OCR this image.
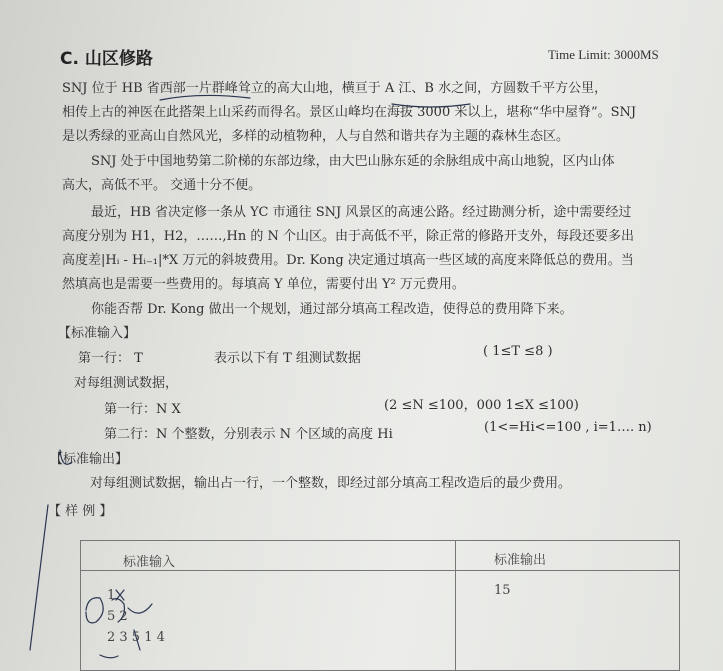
C. 山区修路	Time Limit: 3000MS
SNJ 位于 HB 省西部一片群峰耸立的高大山地，横亘于 A 江、B 水之间，方圆数千平方公里，
相传上古的神医在此搭架上山采药而得名。景区山峰均在海拔 3000 米以上，堪称“华中屋脊”。SNJ
是以秀绿的亚高山自然风光，多样的动植物种，人与自然和谐共存为主题的森林生态区。
SNJ 处于中国地势第二阶梯的东部边缘，由大巴山脉东延的余脉组成中高山地貌，区内山体
高大，高低不平。 交通十分不便。
最近，HB 省决定修一条从 YC 市通往 SNJ 风景区的高速公路。经过勘测分析，途中需要经过
高度分别为 H1，H2，……,Hn 的 N 个山区。由于高低不平，除正常的修路开支外，每段还要多出
高度差|Hᵢ - Hᵢ₋₁|*X 万元的斜坡费用。Dr. Kong 决定通过填高一些区域的高度来降低总的费用。当
然填高也是需要一些费用的。每填高 Y 单位，需要付出 Y² 万元费用。
你能否帮 Dr. Kong 做出一个规划，通过部分填高工程改造，使得总的费用降下来。
【标准输入】
第一行： T	表示以下有 T 组测试数据	( 1≤T ≤8 )
对每组测试数据，
第一行：N X	(2 ≤N ≤100，000 1≤X ≤100)
第二行：N 个整数，分别表示 N 个区域的高度 Hi	(1<=Hi<=100 , i=1…. n)
【标准输出】
对每组测试数据，输出占一行，一个整数，即经过部分填高工程改造后的最少费用。
【 样 例 】
标准输入	标准输出

1
5 2
2 3 5 1 4	15
